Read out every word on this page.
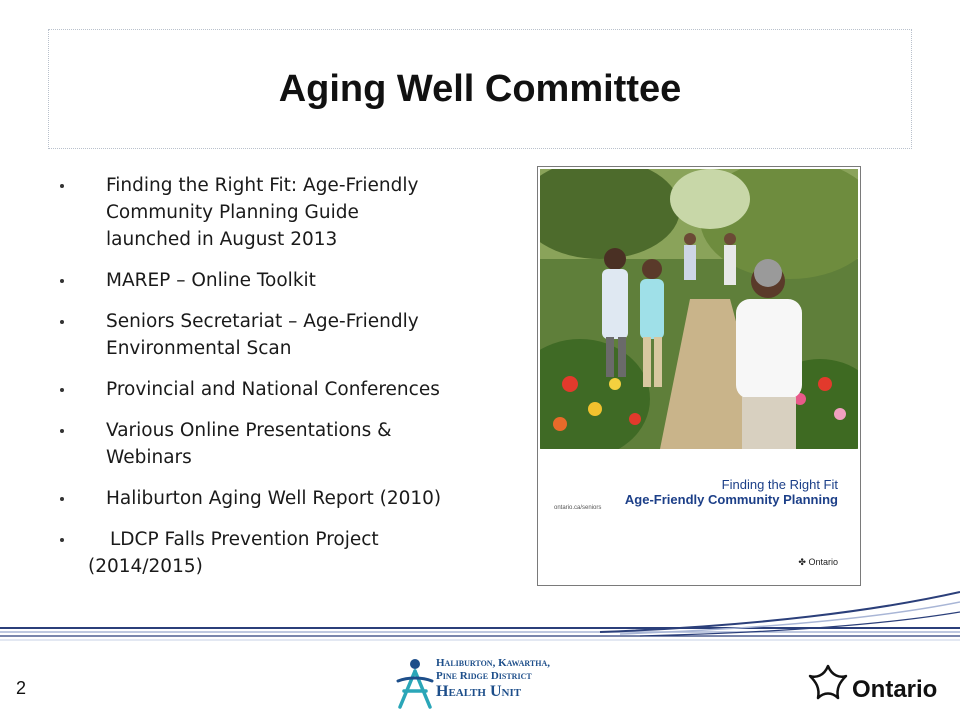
Aging Well Committee
Finding the Right Fit: Age-Friendly
Community Planning Guide
launched in August 2013
MAREP – Online Toolkit
Seniors Secretariat – Age-Friendly
Environmental Scan
Provincial and National Conferences
Various Online Presentations &
Webinars
Haliburton Aging Well Report (2010)
LDCP Falls Prevention Project
(2014/2015)
Finding the Right Fit
Age-Friendly Community Planning
ontario.ca/seniors
✤ Ontario
2
Haliburton, Kawartha,
Pine Ridge District
Health Unit	Ontario
